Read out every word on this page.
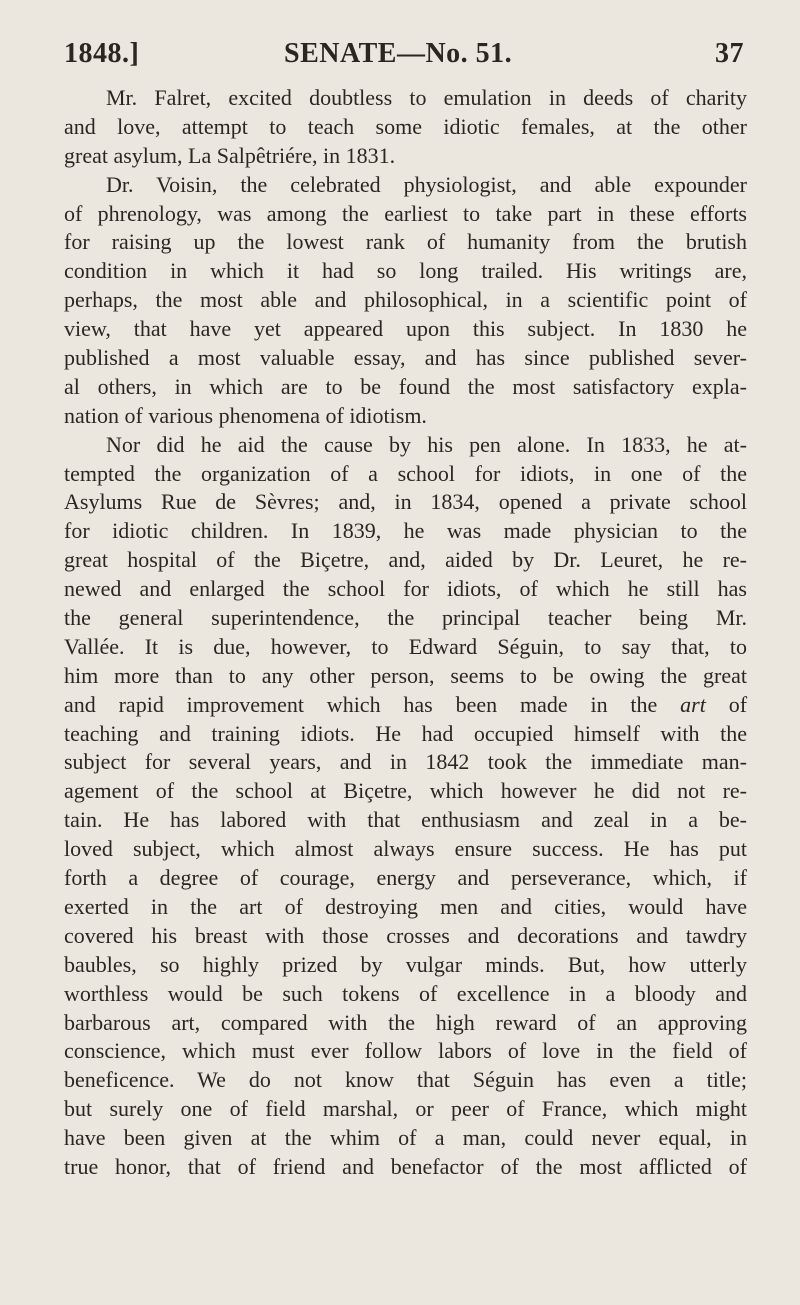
1848.]	SENATE—No. 51.	37
Mr. Falret, excited doubtless to emulation in deeds of charity
and love, attempt to teach some idiotic females, at the other
great asylum, La Salpêtriére, in 1831.
Dr. Voisin, the celebrated physiologist, and able expounder
of phrenology, was among the earliest to take part in these efforts
for raising up the lowest rank of humanity from the brutish
condition in which it had so long trailed. His writings are,
perhaps, the most able and philosophical, in a scientific point of
view, that have yet appeared upon this subject. In 1830 he
published a most valuable essay, and has since published sever-
al others, in which are to be found the most satisfactory expla-
nation of various phenomena of idiotism.
Nor did he aid the cause by his pen alone. In 1833, he at-
tempted the organization of a school for idiots, in one of the
Asylums Rue de Sèvres; and, in 1834, opened a private school
for idiotic children. In 1839, he was made physician to the
great hospital of the Biçetre, and, aided by Dr. Leuret, he re-
newed and enlarged the school for idiots, of which he still has
the general superintendence, the principal teacher being Mr.
Vallée. It is due, however, to Edward Séguin, to say that, to
him more than to any other person, seems to be owing the great
and rapid improvement which has been made in the art of
teaching and training idiots. He had occupied himself with the
subject for several years, and in 1842 took the immediate man-
agement of the school at Biçetre, which however he did not re-
tain. He has labored with that enthusiasm and zeal in a be-
loved subject, which almost always ensure success. He has put
forth a degree of courage, energy and perseverance, which, if
exerted in the art of destroying men and cities, would have
covered his breast with those crosses and decorations and tawdry
baubles, so highly prized by vulgar minds. But, how utterly
worthless would be such tokens of excellence in a bloody and
barbarous art, compared with the high reward of an approving
conscience, which must ever follow labors of love in the field of
beneficence. We do not know that Séguin has even a title;
but surely one of field marshal, or peer of France, which might
have been given at the whim of a man, could never equal, in
true honor, that of friend and benefactor of the most afflicted of
